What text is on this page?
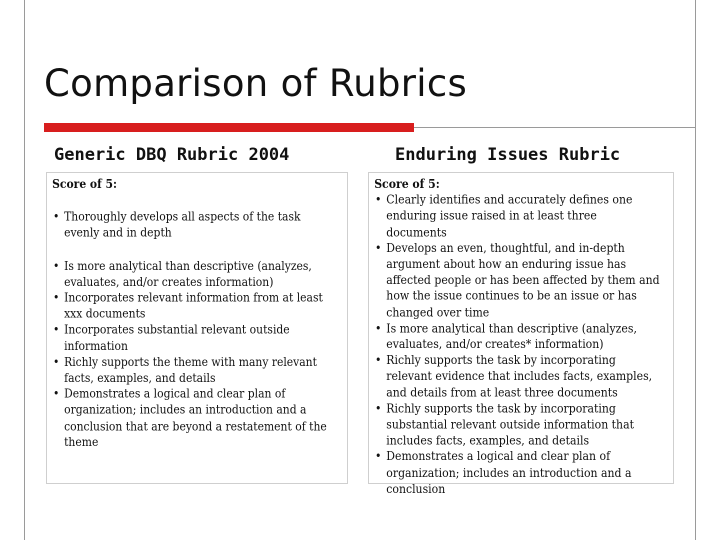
Comparison of Rubrics
Generic DBQ Rubric 2004	Enduring Issues Rubric
Score of 5:
• Thoroughly develops all aspects of the task evenly and in depth
• Is more analytical than descriptive (analyzes, evaluates, and/or creates information)
• Incorporates relevant information from at least xxx documents
• Incorporates substantial relevant outside information
• Richly supports the theme with many relevant facts, examples, and details
• Demonstrates a logical and clear plan of organization; includes an introduction and a conclusion that are beyond a restatement of the theme
Score of 5:
• Clearly identifies and accurately defines one enduring issue raised in at least three documents
• Develops an even, thoughtful, and in-depth argument about how an enduring issue has affected people or has been affected by them and how the issue continues to be an issue or has changed over time
• Is more analytical than descriptive (analyzes, evaluates, and/or creates* information)
• Richly supports the task by incorporating relevant evidence that includes facts, examples, and details from at least three documents
• Richly supports the task by incorporating substantial relevant outside information that includes facts, examples, and details
• Demonstrates a logical and clear plan of organization; includes an introduction and a conclusion
